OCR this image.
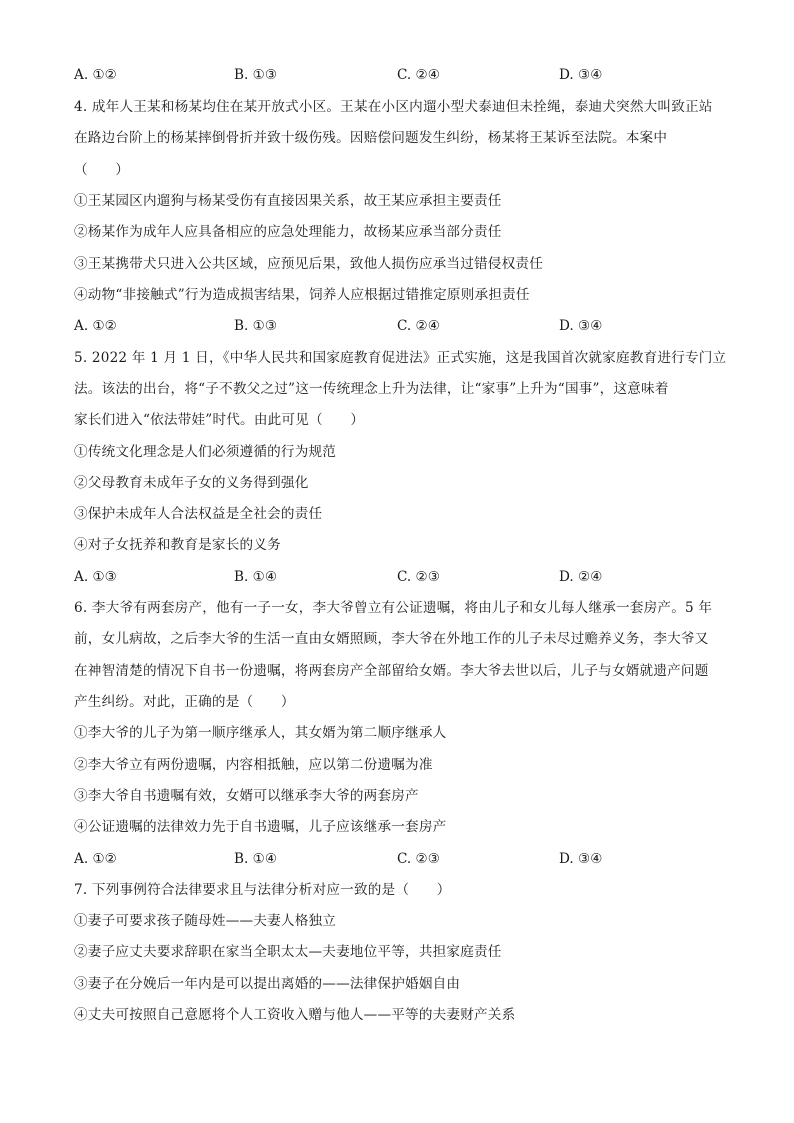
A. ①②	B. ①③	C. ②④	D. ③④
4. 成年人王某和杨某均住在某开放式小区。王某在小区内遛小型犬泰迪但未拴绳，泰迪犬突然大叫致正站
在路边台阶上的杨某摔倒骨折并致十级伤残。因赔偿问题发生纠纷，杨某将王某诉至法院。本案中
（　　）
①王某园区内遛狗与杨某受伤有直接因果关系，故王某应承担主要责任
②杨某作为成年人应具备相应的应急处理能力，故杨某应承当部分责任
③王某携带犬只进入公共区域，应预见后果，致他人损伤应承当过错侵权责任
④动物“非接触式”行为造成损害结果，饲养人应根据过错推定原则承担责任
A. ①②	B. ①③	C. ②④	D. ③④
5. 2022 年 1 月 1 日，《中华人民共和国家庭教育促进法》正式实施，这是我国首次就家庭教育进行专门立
法。该法的出台，将“子不教父之过”这一传统理念上升为法律，让“家事”上升为“国事”，这意味着
家长们进入“依法带娃”时代。由此可见（　　）
①传统文化理念是人们必须遵循的行为规范
②父母教育未成年子女的义务得到强化
③保护未成年人合法权益是全社会的责任
④对子女抚养和教育是家长的义务
A. ①③	B. ①④	C. ②③	D. ②④
6. 李大爷有两套房产，他有一子一女，李大爷曾立有公证遗嘱，将由儿子和女儿每人继承一套房产。5 年
前，女儿病故，之后李大爷的生活一直由女婿照顾，李大爷在外地工作的儿子未尽过赡养义务，李大爷又
在神智清楚的情况下自书一份遗嘱，将两套房产全部留给女婿。李大爷去世以后，儿子与女婿就遗产问题
产生纠纷。对此，正确的是（　　）
①李大爷的儿子为第一顺序继承人，其女婿为第二顺序继承人
②李大爷立有两份遗嘱，内容相抵触，应以第二份遗嘱为准
③李大爷自书遗嘱有效，女婿可以继承李大爷的两套房产
④公证遗嘱的法律效力先于自书遗嘱，儿子应该继承一套房产
A. ①②	B. ①④	C. ②③	D. ③④
7. 下列事例符合法律要求且与法律分析对应一致的是（　　）
①妻子可要求孩子随母姓——夫妻人格独立
②妻子应丈夫要求辞职在家当全职太太—夫妻地位平等，共担家庭责任
③妻子在分娩后一年内是可以提出离婚的——法律保护婚姻自由
④丈夫可按照自己意愿将个人工资收入赠与他人——平等的夫妻财产关系
